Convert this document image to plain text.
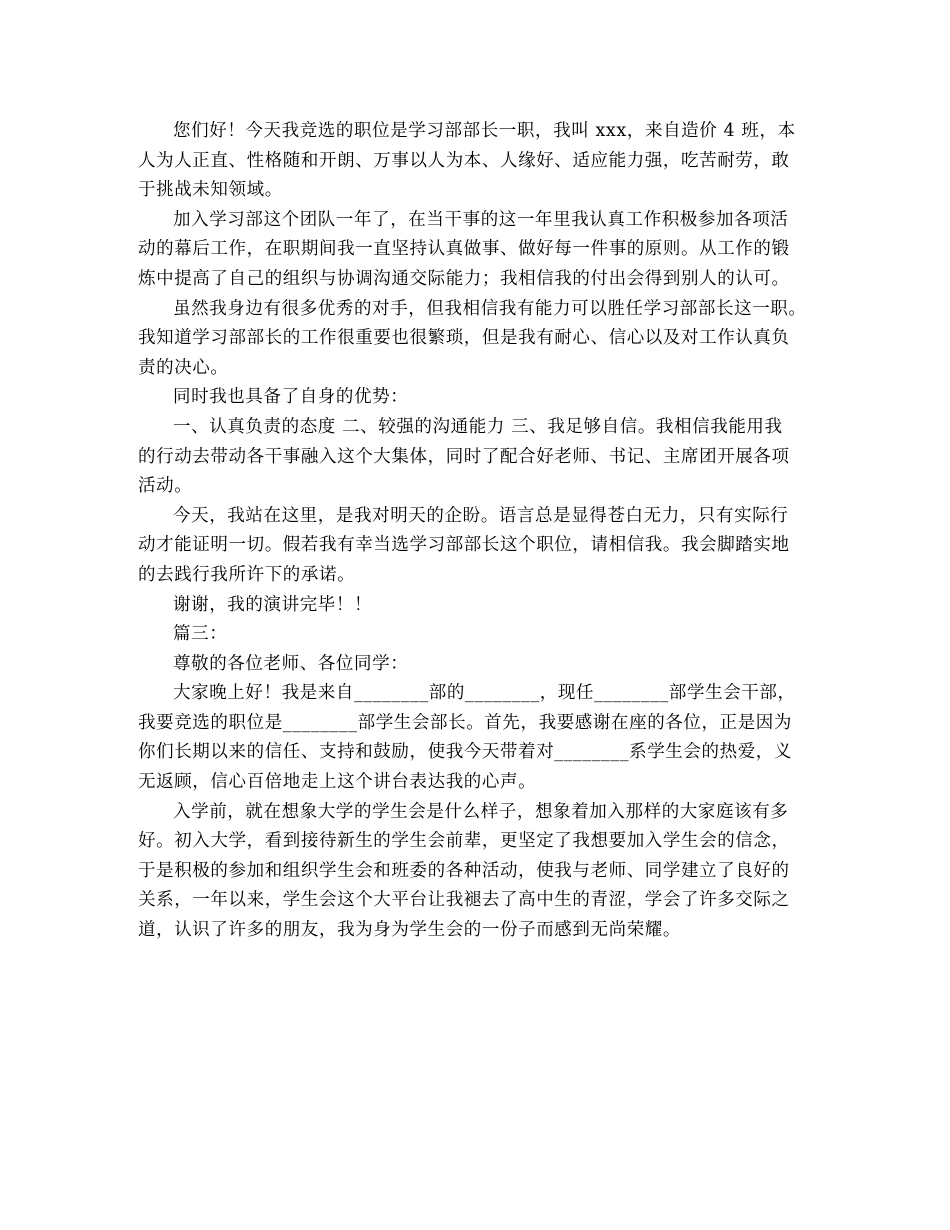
您们好！今天我竞选的职位是学习部部长一职，我叫 xxx，来自造价 4 班，本
人为人正直、性格随和开朗、万事以人为本、人缘好、适应能力强，吃苦耐劳，敢
于挑战未知领域。
加入学习部这个团队一年了，在当干事的这一年里我认真工作积极参加各项活
动的幕后工作，在职期间我一直坚持认真做事、做好每一件事的原则。从工作的锻
炼中提高了自己的组织与协调沟通交际能力；我相信我的付出会得到别人的认可。
虽然我身边有很多优秀的对手，但我相信我有能力可以胜任学习部部长这一职。
我知道学习部部长的工作很重要也很繁琐，但是我有耐心、信心以及对工作认真负
责的决心。
同时我也具备了自身的优势：
一、认真负责的态度 二、较强的沟通能力 三、我足够自信。我相信我能用我
的行动去带动各干事融入这个大集体，同时了配合好老师、书记、主席团开展各项
活动。
今天，我站在这里，是我对明天的企盼。语言总是显得苍白无力，只有实际行
动才能证明一切。假若我有幸当选学习部部长这个职位，请相信我。我会脚踏实地
的去践行我所许下的承诺。
谢谢，我的演讲完毕！！
篇三：
尊敬的各位老师、各位同学：
大家晚上好！我是来自________部的________，现任________部学生会干部，
我要竞选的职位是________部学生会部长。首先，我要感谢在座的各位，正是因为
你们长期以来的信任、支持和鼓励，使我今天带着对________系学生会的热爱，义
无返顾，信心百倍地走上这个讲台表达我的心声。
入学前，就在想象大学的学生会是什么样子，想象着加入那样的大家庭该有多
好。初入大学，看到接待新生的学生会前辈，更坚定了我想要加入学生会的信念，
于是积极的参加和组织学生会和班委的各种活动，使我与老师、同学建立了良好的
关系，一年以来，学生会这个大平台让我褪去了高中生的青涩，学会了许多交际之
道，认识了许多的朋友，我为身为学生会的一份子而感到无尚荣耀。
